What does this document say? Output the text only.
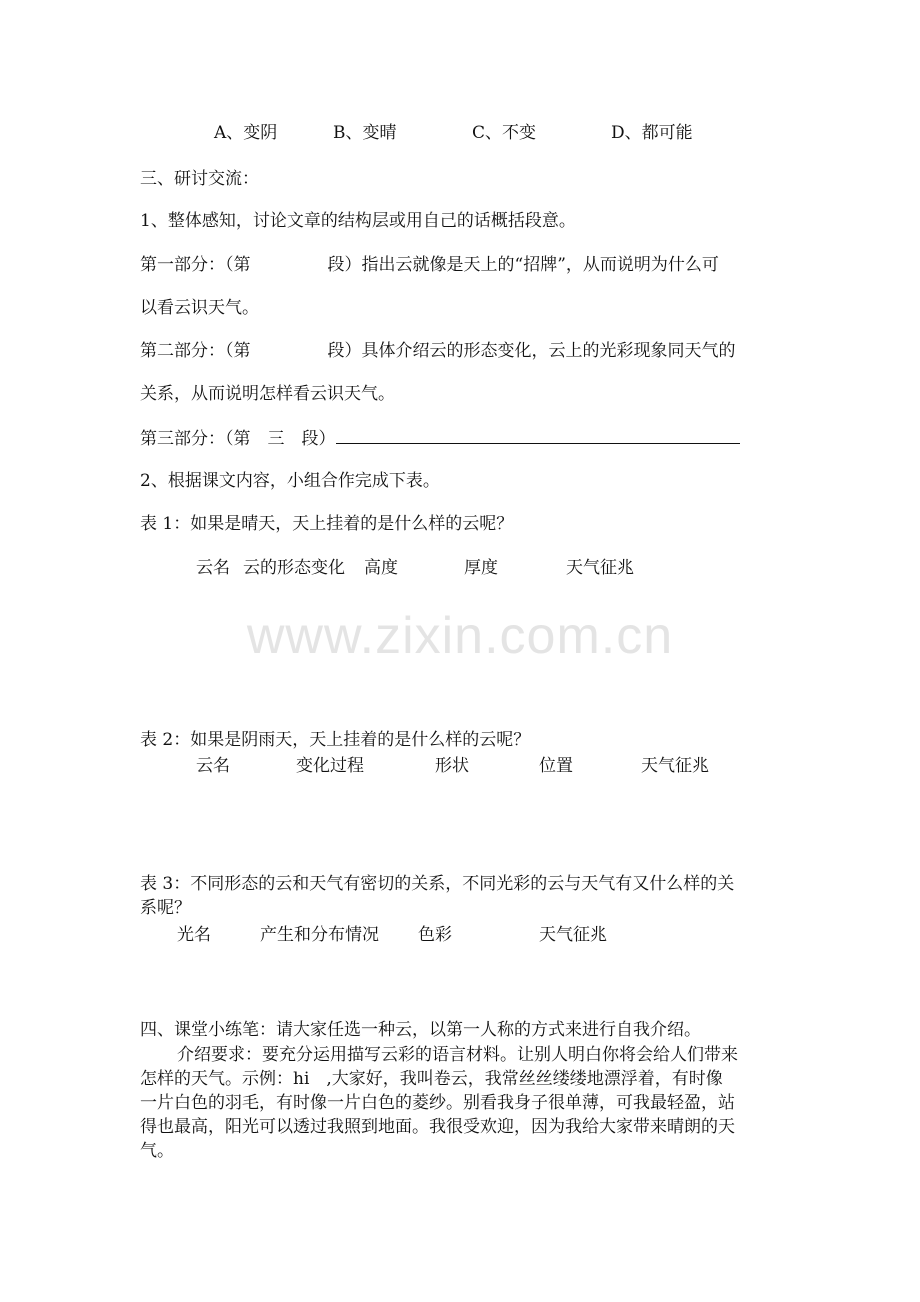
www.zixin.com.cn
A、变阴	B、变晴	C、不变	D、都可能
三、研讨交流：
1、整体感知，讨论文章的结构层或用自己的话概括段意。
第一部分：（第	段）指出云就像是天上的“招牌”，从而说明为什么可
以看云识天气。
第二部分：（第	段）具体介绍云的形态变化，云上的光彩现象同天气的
关系，从而说明怎样看云识天气。
第三部分：（第　三　段）
2、根据课文内容，小组合作完成下表。
表 1：如果是晴天，天上挂着的是什么样的云呢？
云名 云的形态变化 高度	厚度	天气征兆
表 2：如果是阴雨天，天上挂着的是什么样的云呢？
云名	变化过程	形状	位置	天气征兆
表 3：不同形态的云和天气有密切的关系，不同光彩的云与天气有又什么样的关
系呢？
光名	产生和分布情况 色彩	天气征兆
四、课堂小练笔：请大家任选一种云，以第一人称的方式来进行自我介绍。
介绍要求：要充分运用描写云彩的语言材料。让别人明白你将会给人们带来
怎样的天气。示例：hi　,大家好，我叫卷云，我常丝丝缕缕地漂浮着，有时像
一片白色的羽毛，有时像一片白色的菱纱。别看我身子很单薄，可我最轻盈，站
得也最高，阳光可以透过我照到地面。我很受欢迎，因为我给大家带来晴朗的天
气。
